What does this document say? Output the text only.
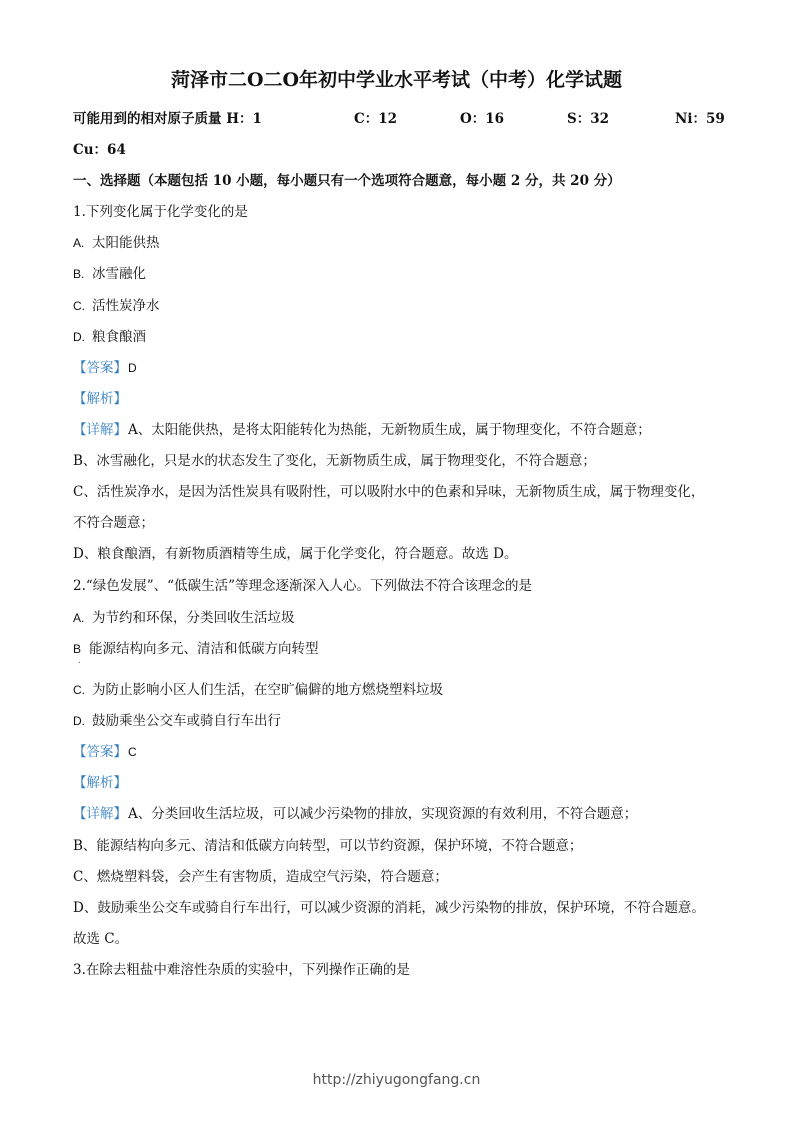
菏泽市二O二O年初中学业水平考试（中考）化学试题
可能用到的相对原子质量 H：1	C：12	O：16	S：32	Ni：59
Cu：64
一、选择题（本题包括 10 小题，每小题只有一个选项符合题意，每小题 2 分，共 20 分）
1.下列变化属于化学变化的是
A. 太阳能供热
B. 冰雪融化
C. 活性炭净水
D. 粮食酿酒
【答案】 D
【解析】
【详解】 A、太阳能供热，是将太阳能转化为热能，无新物质生成，属于物理变化，不符合题意；
B、冰雪融化，只是水的状态发生了变化，无新物质生成，属于物理变化，不符合题意；
C、活性炭净水，是因为活性炭具有吸附性，可以吸附水中的色素和异味，无新物质生成，属于物理变化，
不符合题意；
D、粮食酿酒，有新物质酒精等生成，属于化学变化，符合题意。故选 D。
2.“绿色发展”、“低碳生活”等理念逐渐深入人心。下列做法不符合该理念的是
A. 为节约和环保，分类回收生活垃圾
B 能源结构向多元、清洁和低碳方向转型
.
C. 为防止影响小区人们生活，在空旷偏僻的地方燃烧塑料垃圾
D. 鼓励乘坐公交车或骑自行车出行
【答案】 C
【解析】
【详解】 A、分类回收生活垃圾，可以减少污染物的排放，实现资源的有效利用，不符合题意；
B、能源结构向多元、清洁和低碳方向转型，可以节约资源，保护环境，不符合题意；
C、燃烧塑料袋，会产生有害物质，造成空气污染，符合题意；
D、鼓励乘坐公交车或骑自行车出行，可以减少资源的消耗，减少污染物的排放，保护环境，不符合题意。
故选 C。
3.在除去粗盐中难溶性杂质的实验中，下列操作正确的是
http://zhiyugongfang.cn
